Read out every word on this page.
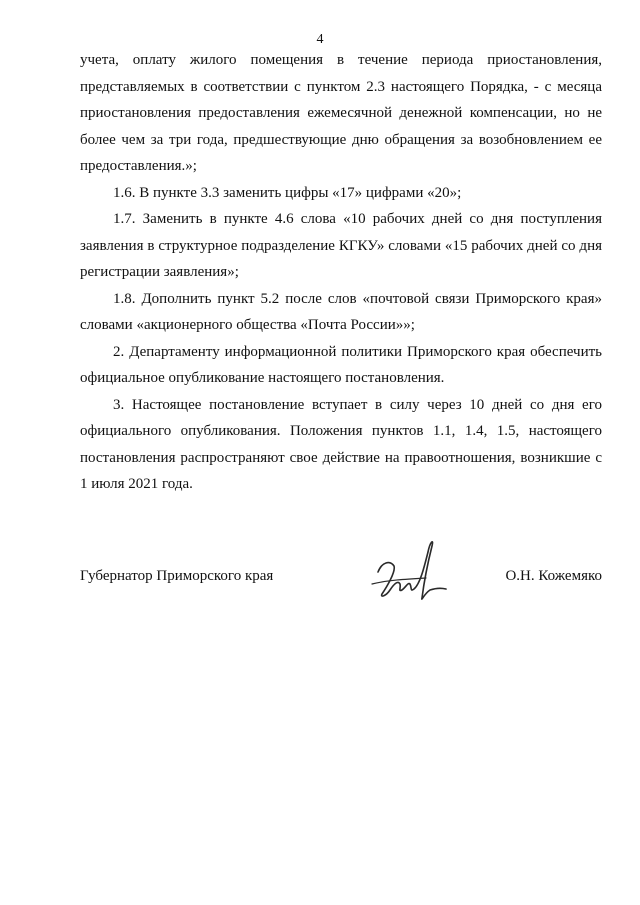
4

учета, оплату жилого помещения в течение периода приостановления, представляемых в соответствии с пунктом 2.3 настоящего Порядка, - с месяца приостановления предоставления ежемесячной денежной компенсации, но не более чем за три года, предшествующие дню обращения за возобновлением ее предоставления.»;

1.6. В пункте 3.3 заменить цифры «17» цифрами «20»;

1.7. Заменить в пункте 4.6 слова «10 рабочих дней со дня поступления заявления в структурное подразделение КГКУ» словами «15 рабочих дней со дня регистрации заявления»;

1.8. Дополнить пункт 5.2 после слов «почтовой связи Приморского края» словами «акционерного общества «Почта России»»;

2. Департаменту информационной политики Приморского края обеспечить официальное опубликование настоящего постановления.

3. Настоящее постановление вступает в силу через 10 дней со дня его официального опубликования. Положения пунктов 1.1, 1.4, 1.5, настоящего постановления распространяют свое действие на правоотношения, возникшие с 1 июля 2021 года.

Губернатор Приморского края	О.Н. Кожемяко
